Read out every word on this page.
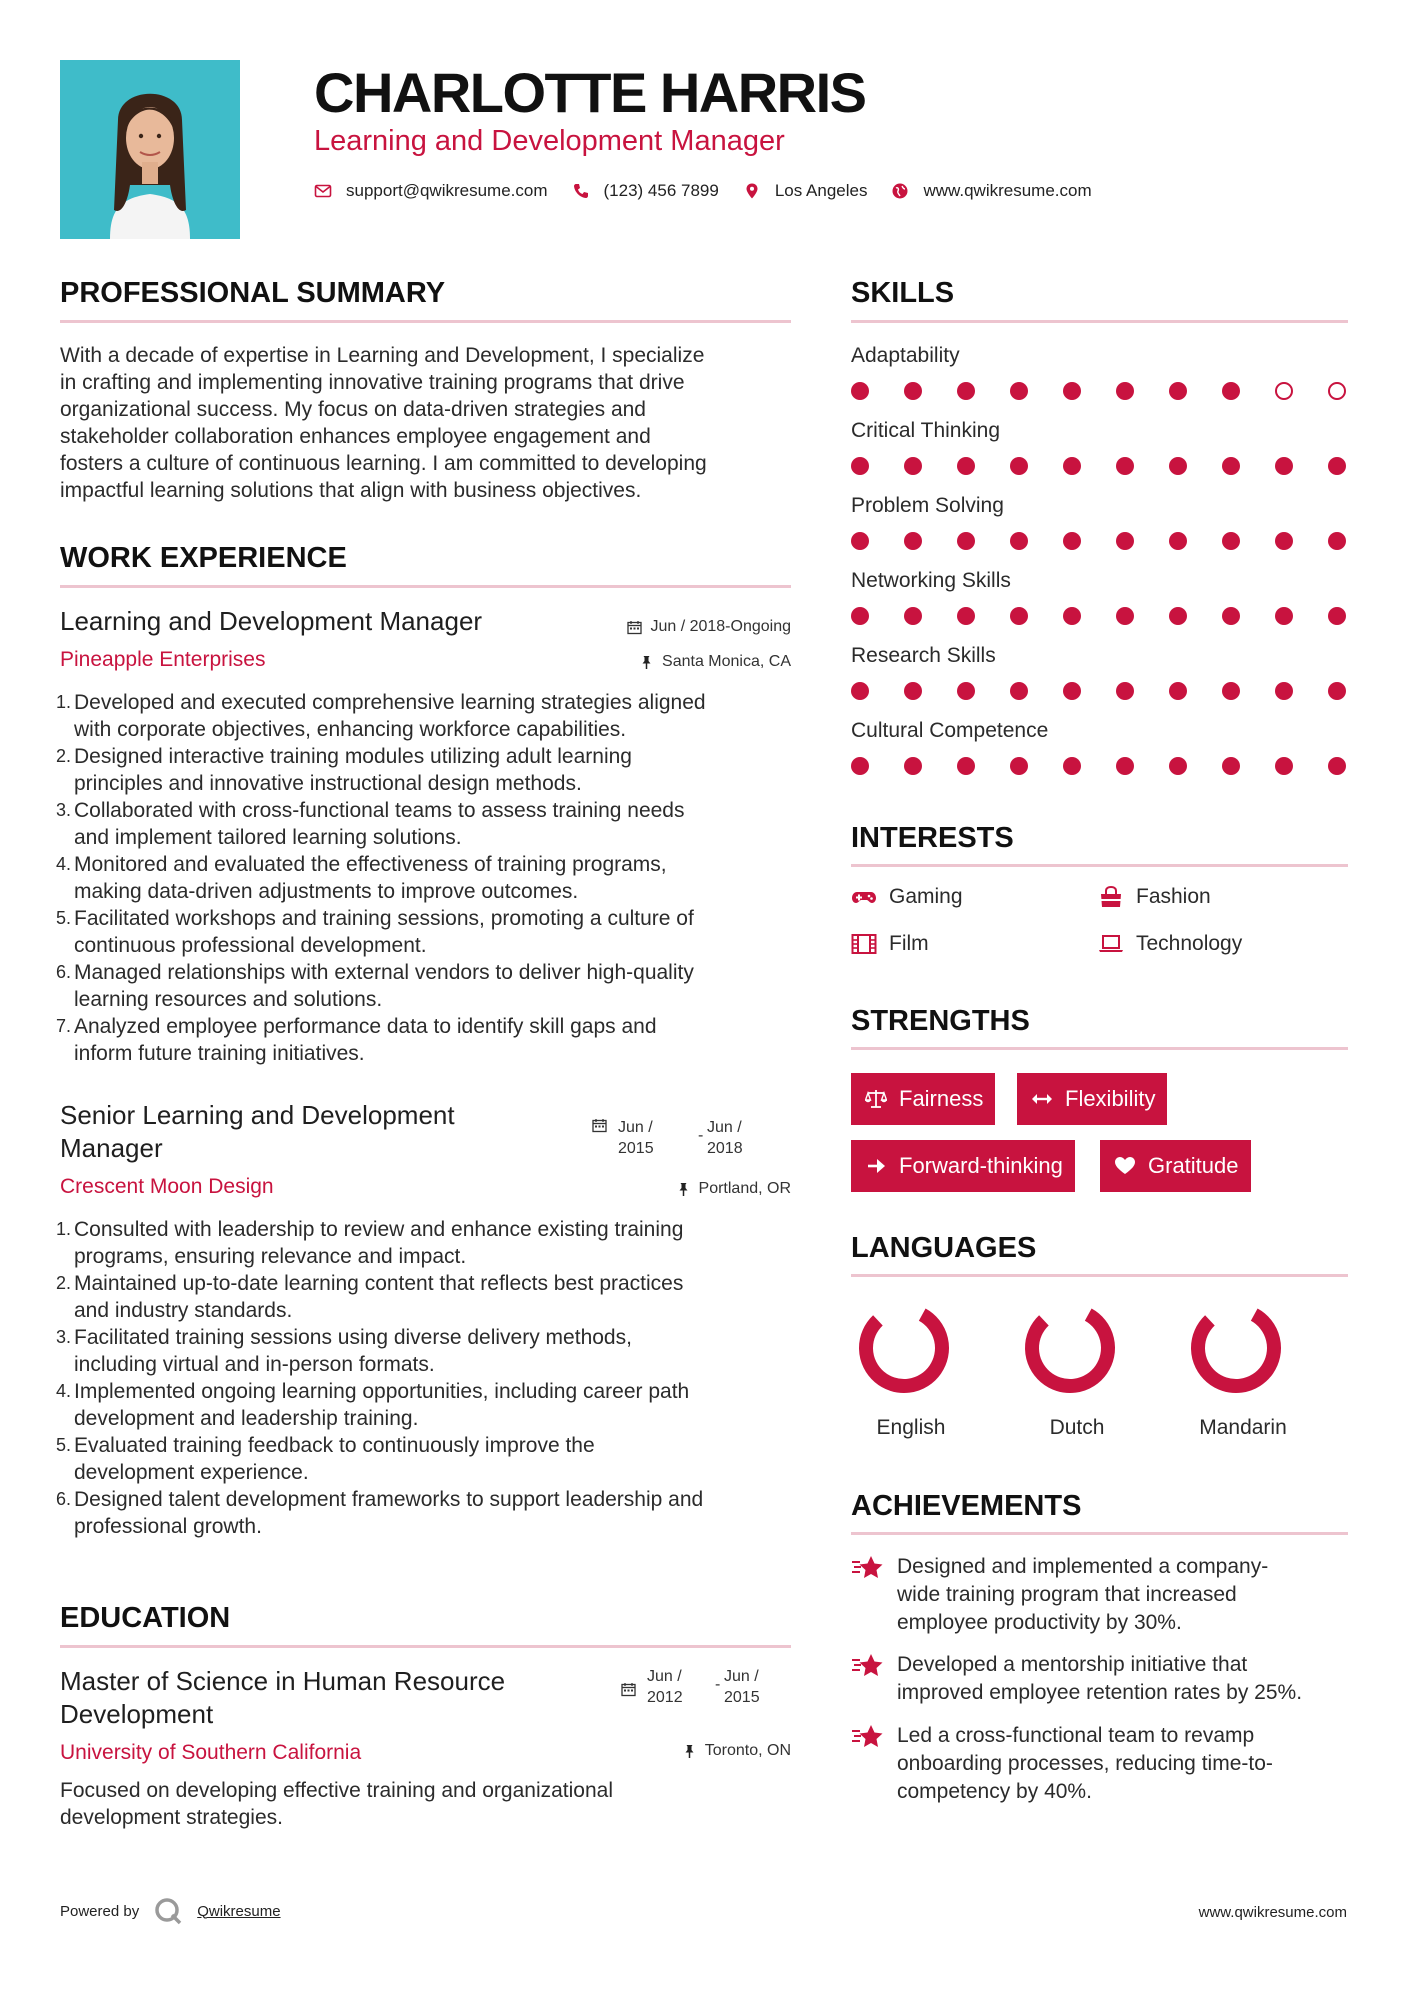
CHARLOTTE HARRIS
Learning and Development Manager
support@qwikresume.com	(123) 456 7899	Los Angeles	www.qwikresume.com
PROFESSIONAL SUMMARY
With a decade of expertise in Learning and Development, I specialize
in crafting and implementing innovative training programs that drive
organizational success. My focus on data-driven strategies and
stakeholder collaboration enhances employee engagement and
fosters a culture of continuous learning. I am committed to developing
impactful learning solutions that align with business objectives.
WORK EXPERIENCE
Learning and Development Manager	Jun / 2018-Ongoing
Pineapple Enterprises	Santa Monica, CA
1. Developed and executed comprehensive learning strategies aligned
with corporate objectives, enhancing workforce capabilities.
2. Designed interactive training modules utilizing adult learning
principles and innovative instructional design methods.
3. Collaborated with cross-functional teams to assess training needs
and implement tailored learning solutions.
4. Monitored and evaluated the effectiveness of training programs,
making data-driven adjustments to improve outcomes.
5. Facilitated workshops and training sessions, promoting a culture of
continuous professional development.
6. Managed relationships with external vendors to deliver high-quality
learning resources and solutions.
7. Analyzed employee performance data to identify skill gaps and
inform future training initiatives.
Senior Learning and Development
Manager
Jun /
2015
- Jun /
2018
Crescent Moon Design	Portland, OR
1. Consulted with leadership to review and enhance existing training
programs, ensuring relevance and impact.
2. Maintained up-to-date learning content that reflects best practices
and industry standards.
3. Facilitated training sessions using diverse delivery methods,
including virtual and in-person formats.
4. Implemented ongoing learning opportunities, including career path
development and leadership training.
5. Evaluated training feedback to continuously improve the
development experience.
6. Designed talent development frameworks to support leadership and
professional growth.
EDUCATION
Master of Science in Human Resource
Development
Jun /
2012
- Jun /
2015
University of Southern California	Toronto, ON
Focused on developing effective training and organizational
development strategies.
SKILLS
Adaptability
Critical Thinking
Problem Solving
Networking Skills
Research Skills
Cultural Competence
INTERESTS
Gaming	Fashion
Film	Technology
STRENGTHS
Fairness	Flexibility
Forward-thinking	Gratitude
LANGUAGES
English	Dutch	Mandarin
ACHIEVEMENTS
Designed and implemented a company-
wide training program that increased
employee productivity by 30%.
Developed a mentorship initiative that
improved employee retention rates by 25%.
Led a cross-functional team to revamp
onboarding processes, reducing time-to-
competency by 40%.
Powered by	Qwikresume	www.qwikresume.com
